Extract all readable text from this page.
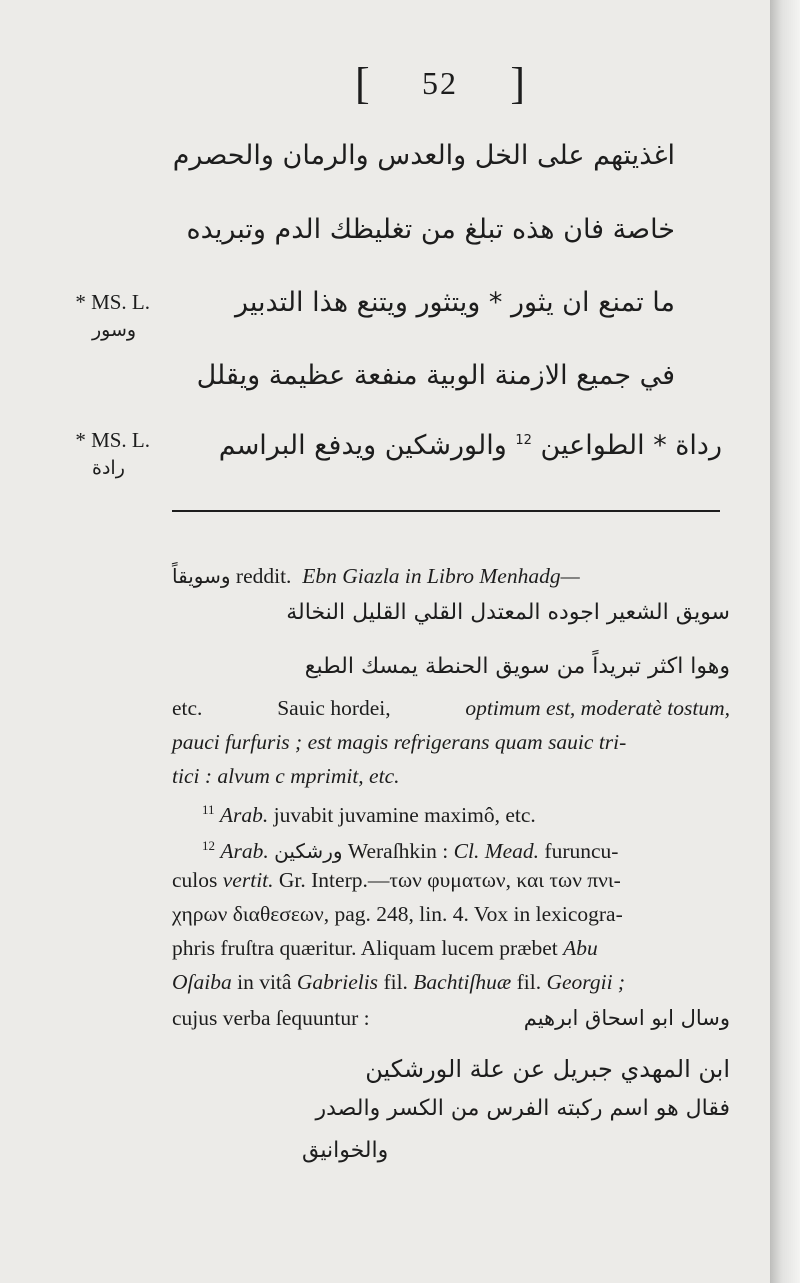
[ 52 ]
اغذيتهم على الخل والعدس والرمان والحصرم
خاصة فان هذه تبلغ من تغليظك الدم وتبريده
ما تمنع ان يثور * ويتثور ويتنع هذا التدبير
في جميع الازمنة الوبية منفعة عظيمة ويقلل
رداة * الطواعين $^{12}$ والورشكين ويدفع البراسم
* MS. L.
وسور
* MS. L.
رادة
وسويقاً reddit. Ebn Giazla in Libro Menhadg—
سويق الشعير اجوده المعتدل القلي القليل النخالة
وهوا اكثر تبريداً من سويق الحنطة يمسك الطبع
etc.	Sauic hordei,	optimum est, moderatè tostum,
pauci furfuris ; est magis refrigerans quam sauic tri-
tici : alvum c mprimit, etc.
$^{11}$ Arab. juvabit juvamine maximô, etc.
$^{12}$ Arab. ورشكين Weraſhkin : Cl. Mead. furuncu-
culos vertit. Gr. Interp.—των φυματων, και των πνι-
χηρων διαθεσεων, pag. 248, lin. 4. Vox in lexicogra-
phris fruſtra quæritur. Aliquam lucem præbet Abu
Oſaiba in vitâ Gabrielis fil. Bachtiſhuæ fil. Georgii ;
cujus verba ſequuntur :	وسال ابو اسحاق ابرهيم
ابن المهدي جبريل عن علة الورشكين
فقال هو اسم ركبته الفرس من الكسر والصدر
والخوانيق
